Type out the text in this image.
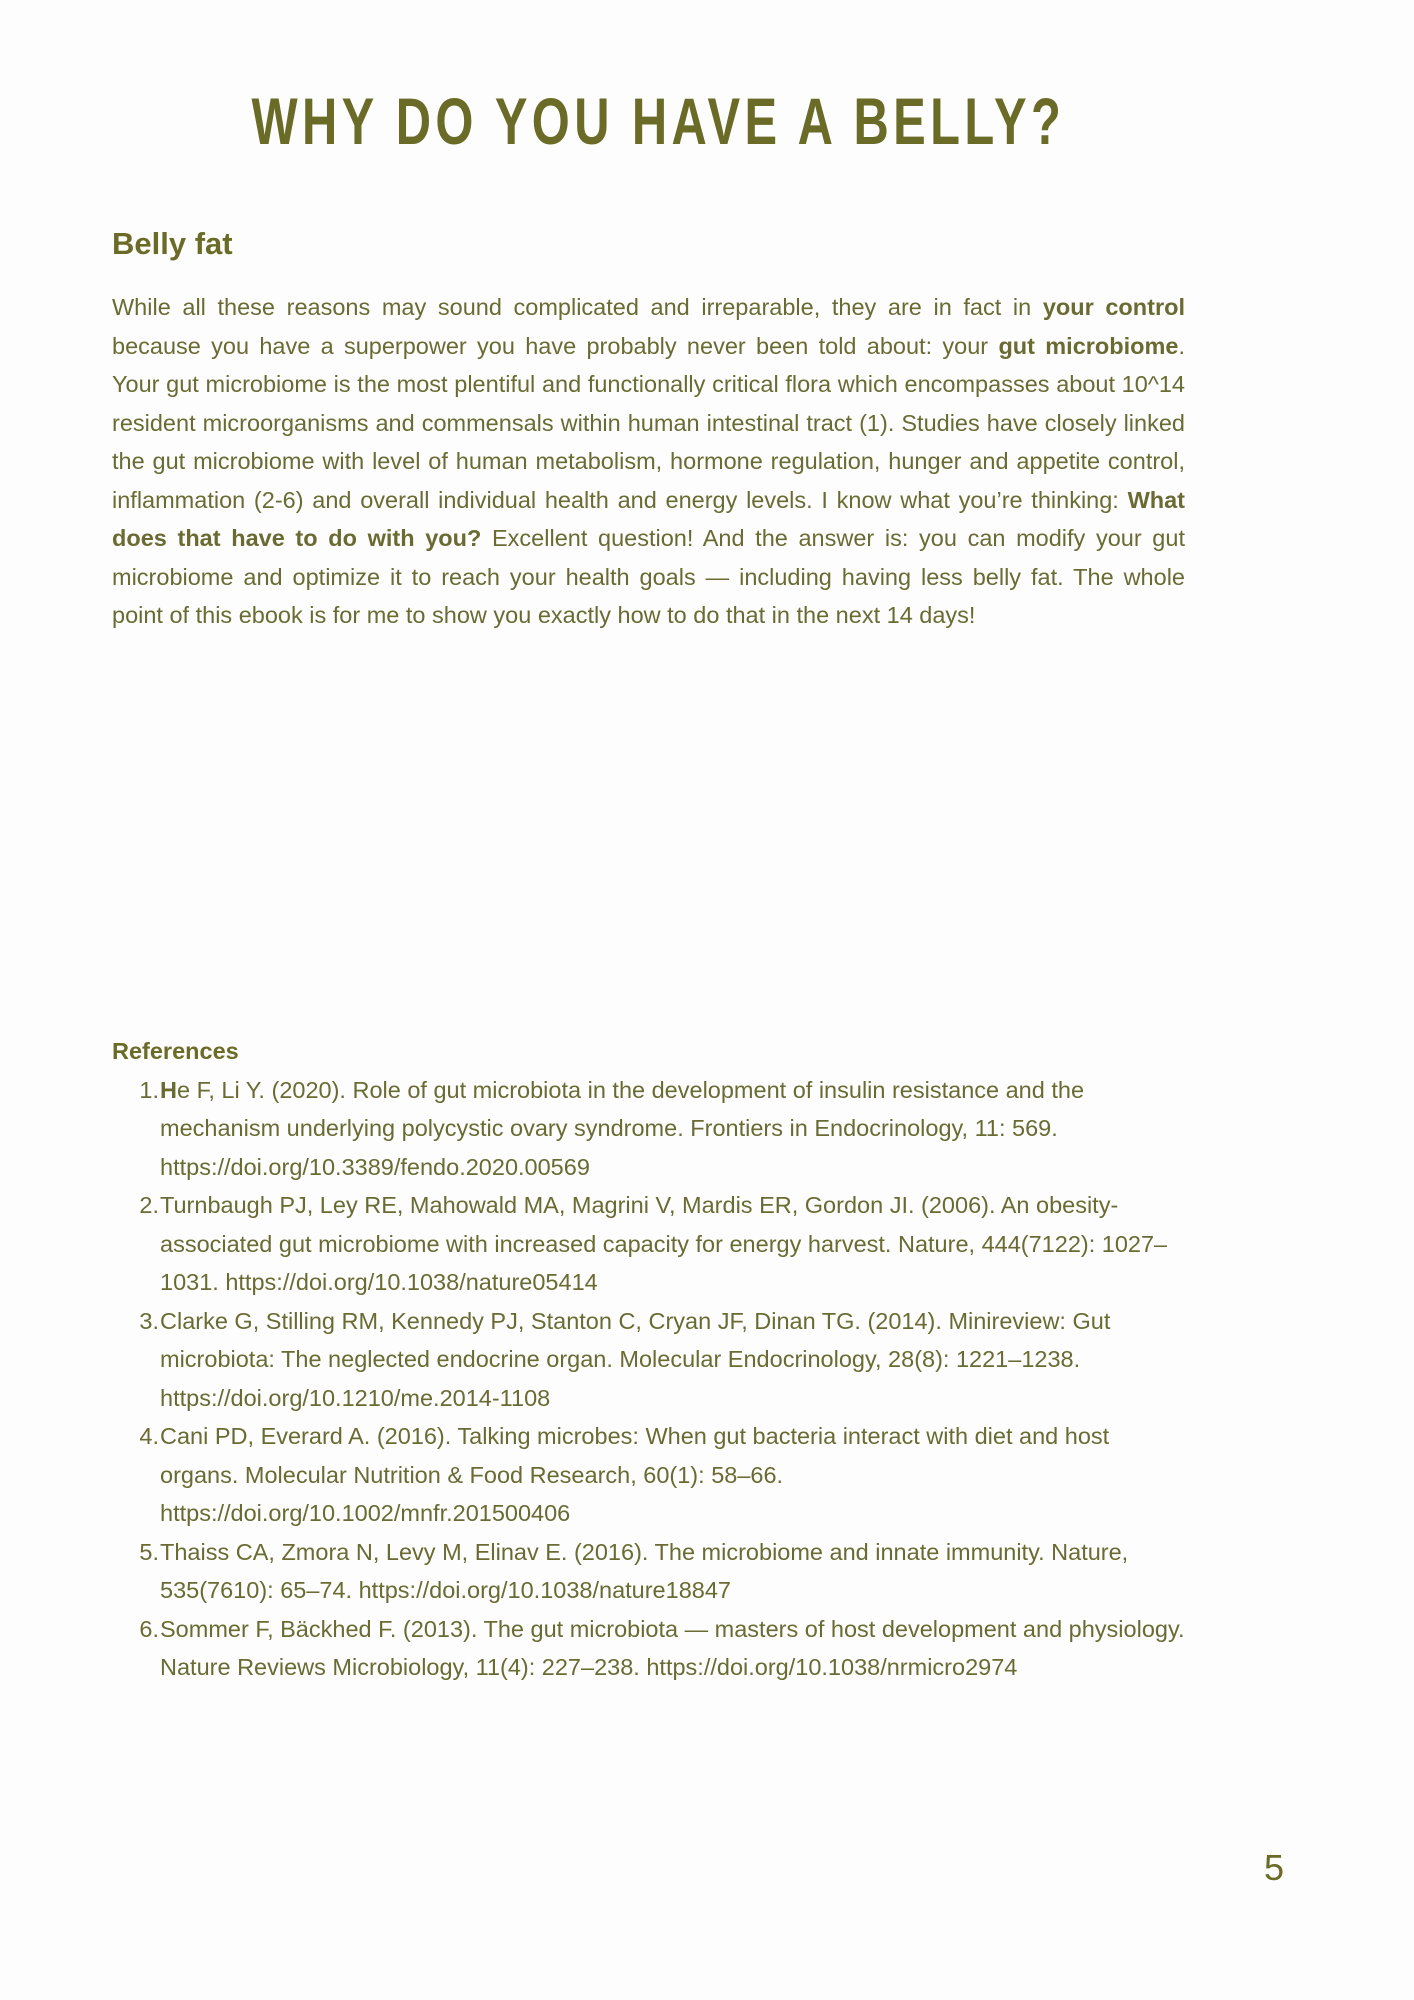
WHY DO YOU HAVE A BELLY?
Belly fat

While all these reasons may sound complicated and irreparable, they are in fact in your control because you have a superpower you have probably never been told about: your gut microbiome. Your gut microbiome is the most plentiful and functionally critical flora which encompasses about 10^14 resident microorganisms and commensals within human intestinal tract (1). Studies have closely linked the gut microbiome with level of human metabolism, hormone regulation, hunger and appetite control, inflammation (2-6) and overall individual health and energy levels. I know what you’re thinking: What does that have to do with you? Excellent question! And the answer is: you can modify your gut microbiome and optimize it to reach your health goals — including having less belly fat. The whole point of this ebook is for me to show you exactly how to do that in the next 14 days!

References
He F, Li Y. (2020). Role of gut microbiota in the development of insulin resistance and the mechanism underlying polycystic ovary syndrome. Frontiers in Endocrinology, 11: 569. https://doi.org/10.3389/fendo.2020.00569
Turnbaugh PJ, Ley RE, Mahowald MA, Magrini V, Mardis ER, Gordon JI. (2006). An obesity-associated gut microbiome with increased capacity for energy harvest. Nature, 444(7122): 1027–1031. https://doi.org/10.1038/nature05414
Clarke G, Stilling RM, Kennedy PJ, Stanton C, Cryan JF, Dinan TG. (2014). Minireview: Gut microbiota: The neglected endocrine organ. Molecular Endocrinology, 28(8): 1221–1238. https://doi.org/10.1210/me.2014-1108
Cani PD, Everard A. (2016). Talking microbes: When gut bacteria interact with diet and host organs. Molecular Nutrition & Food Research, 60(1): 58–66. https://doi.org/10.1002/mnfr.201500406
Thaiss CA, Zmora N, Levy M, Elinav E. (2016). The microbiome and innate immunity. Nature, 535(7610): 65–74. https://doi.org/10.1038/nature18847
Sommer F, Bäckhed F. (2013). The gut microbiota — masters of host development and physiology. Nature Reviews Microbiology, 11(4): 227–238. https://doi.org/10.1038/nrmicro2974
5
